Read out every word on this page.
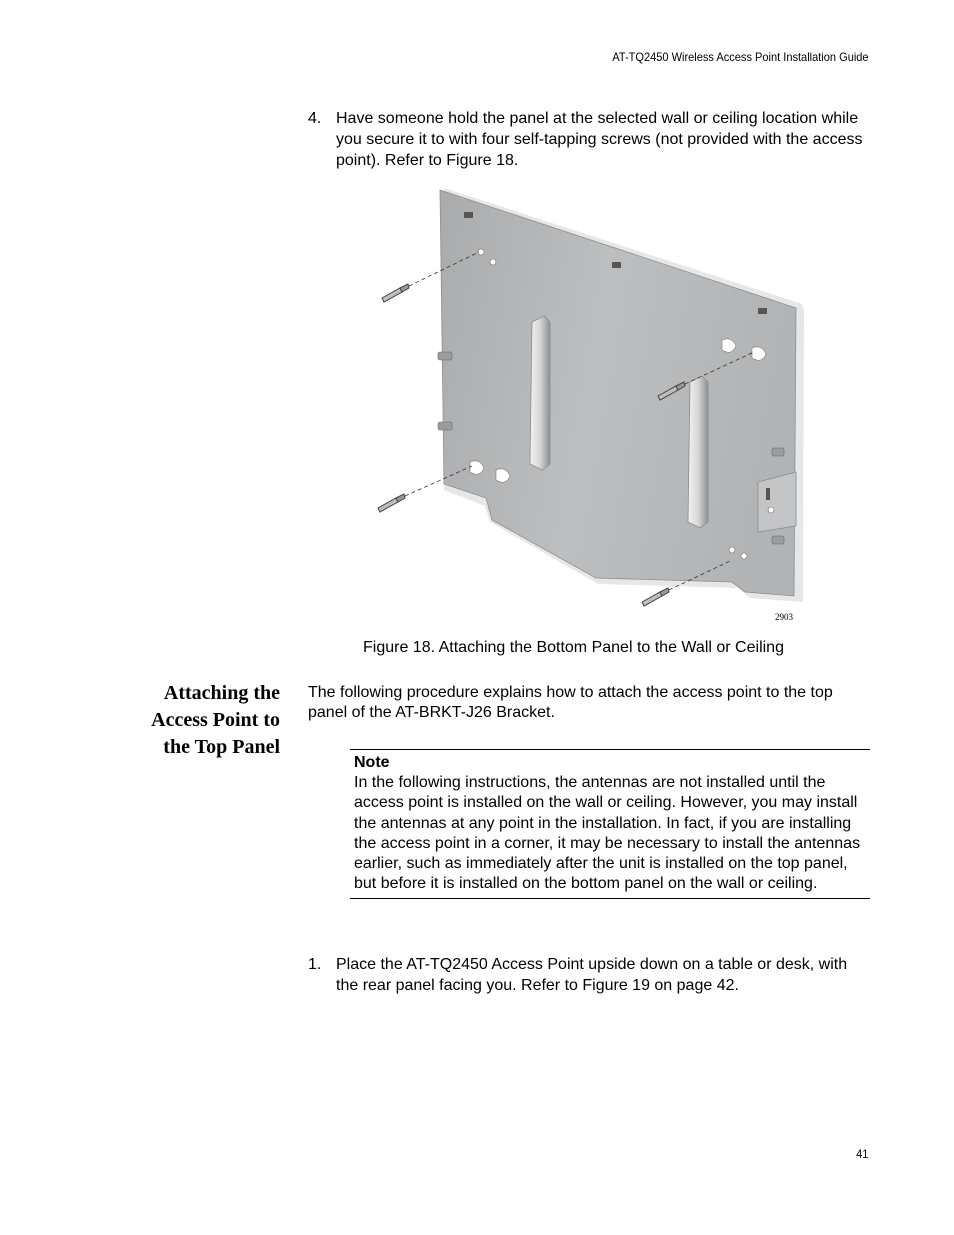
AT-TQ2450 Wireless Access Point Installation Guide
4. Have someone hold the panel at the selected wall or ceiling location while you secure it to with four self-tapping screws (not provided with the access point). Refer to Figure 18.
2903
Figure 18. Attaching the Bottom Panel to the Wall or Ceiling
Attaching the
Access Point to
the Top Panel
The following procedure explains how to attach the access point to the top panel of the AT-BRKT-J26 Bracket.
Note
In the following instructions, the antennas are not installed until the access point is installed on the wall or ceiling. However, you may install the antennas at any point in the installation. In fact, if you are installing the access point in a corner, it may be necessary to install the antennas earlier, such as immediately after the unit is installed on the top panel, but before it is installed on the bottom panel on the wall or ceiling.
1. Place the AT-TQ2450 Access Point upside down on a table or desk, with the rear panel facing you. Refer to Figure 19 on page 42.
41
